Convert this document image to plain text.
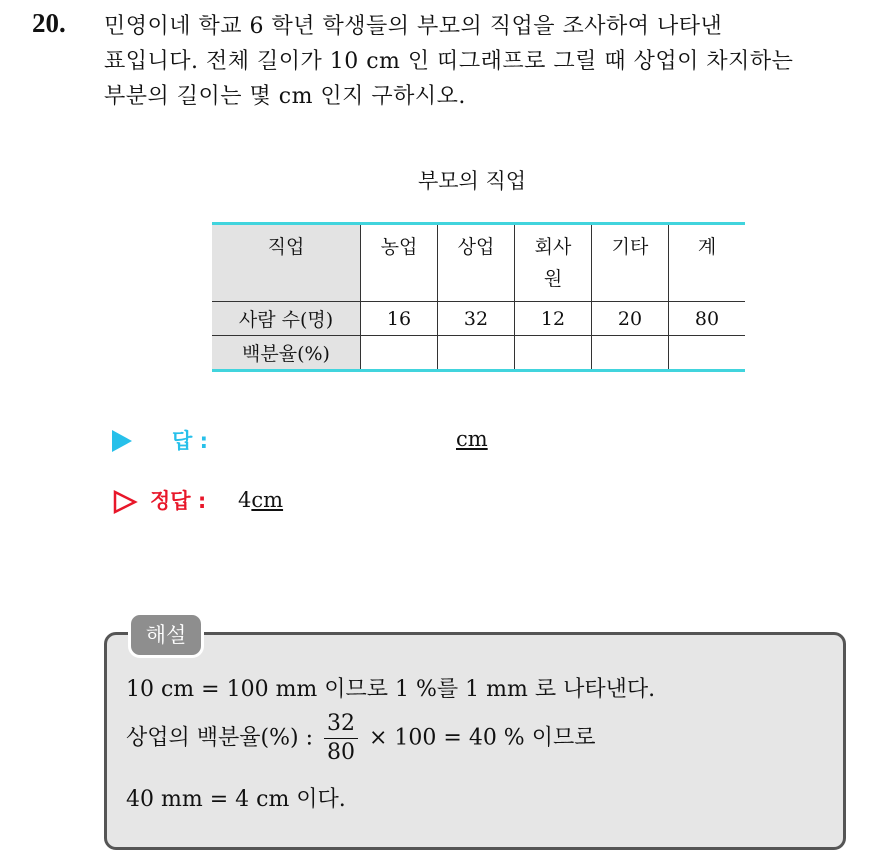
20. 민영이네 학교 6 학년 학생들의 부모의 직업을 조사하여 나타낸
표입니다. 전체 길이가 10 cm 인 띠그래프로 그릴 때 상업이 차지하는
부분의 길이는 몇 cm 인지 구하시오.
부모의 직업
직업	농업	상업	회사원	기타	계
사람 수(명)	16	32	12	20	80
백분율(%)					
답 :	cm
정답 : 4cm
해설
10 cm = 100 mm 이므로 1 %를 1 mm 로 나타낸다.
상업의 백분율(%) : $\frac{32}{80} \times 100 = 40$ % 이므로
40 mm = 4 cm 이다.
